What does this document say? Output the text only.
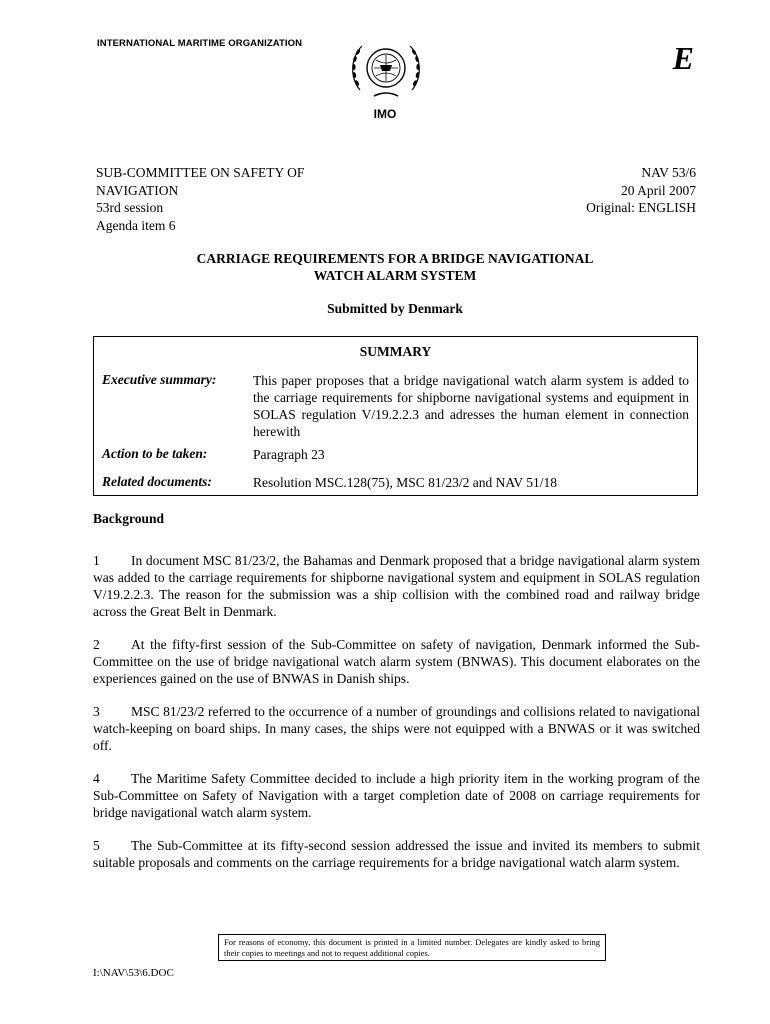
INTERNATIONAL MARITIME ORGANIZATION	E
IMO
SUB-COMMITTEE ON SAFETY OF
NAVIGATION
53rd session
Agenda item 6
NAV 53/6
20 April 2007
Original: ENGLISH
CARRIAGE REQUIREMENTS FOR A BRIDGE NAVIGATIONAL
WATCH ALARM SYSTEM
Submitted by Denmark
SUMMARY
Executive summary:	This paper proposes that a bridge navigational watch alarm system is added to the carriage requirements for shipborne navigational systems and equipment in SOLAS regulation V/19.2.2.3 and adresses the human element in connection herewith
Action to be taken:	Paragraph 23
Related documents:	Resolution MSC.128(75), MSC 81/23/2 and NAV 51/18
Background
1 In document MSC 81/23/2, the Bahamas and Denmark proposed that a bridge navigational alarm system was added to the carriage requirements for shipborne navigational system and equipment in SOLAS regulation V/19.2.2.3. The reason for the submission was a ship collision with the combined road and railway bridge across the Great Belt in Denmark.
2 At the fifty-first session of the Sub-Committee on safety of navigation, Denmark informed the Sub-Committee on the use of bridge navigational watch alarm system (BNWAS). This document elaborates on the experiences gained on the use of BNWAS in Danish ships.
3 MSC 81/23/2 referred to the occurrence of a number of groundings and collisions related to navigational watch-keeping on board ships. In many cases, the ships were not equipped with a BNWAS or it was switched off.
4 The Maritime Safety Committee decided to include a high priority item in the working program of the Sub-Committee on Safety of Navigation with a target completion date of 2008 on carriage requirements for bridge navigational watch alarm system.
5 The Sub-Committee at its fifty-second session addressed the issue and invited its members to submit suitable proposals and comments on the carriage requirements for a bridge navigational watch alarm system.
For reasons of economy, this document is printed in a limited number. Delegates are kindly asked to bring their copies to meetings and not to request additional copies.
I:\NAV\53\6.DOC
